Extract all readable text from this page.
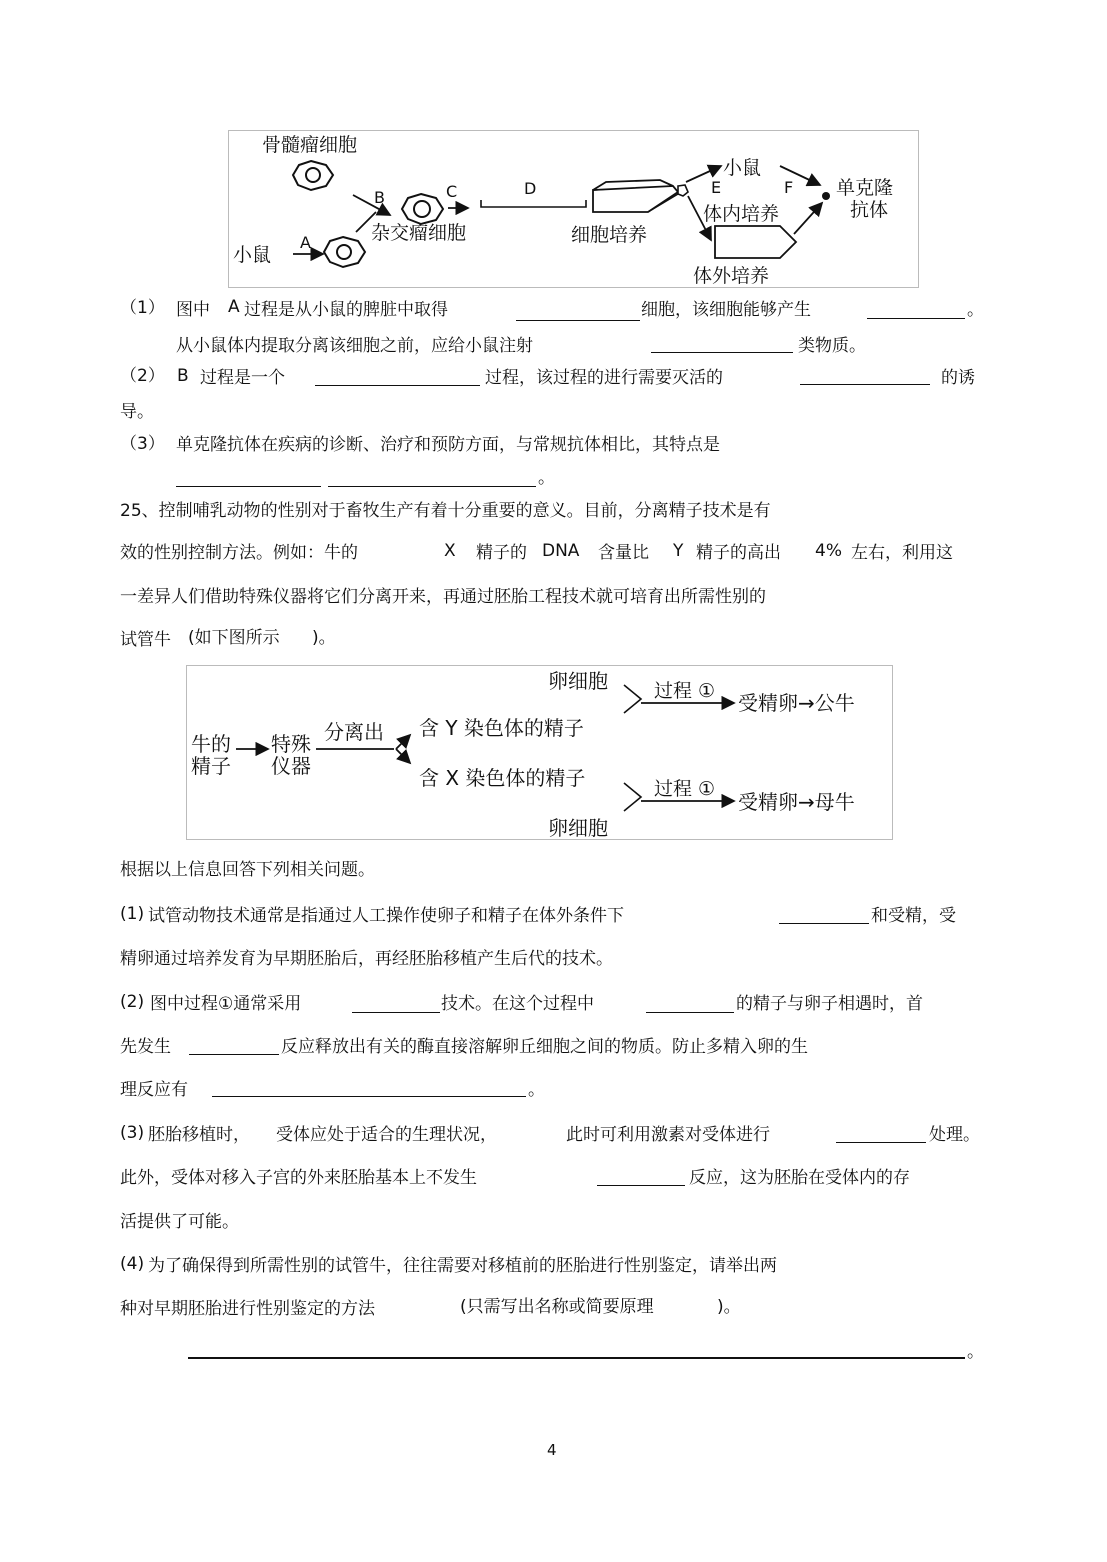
骨髓瘤细胞
B	C
杂交瘤细胞
小鼠
A
D
细胞培养
小鼠
E
体内培养
F
体外培养
单克隆
抗体
（1） 图中 A 过程是从小鼠的脾脏中取得	细胞，该细胞能够产生	。
从小鼠体内提取分离该细胞之前，应给小鼠注射	类物质。
（2） B 过程是一个	过程，该过程的进行需要灭活的	的诱
导。
（3） 单克隆抗体在疾病的诊断、治疗和预防方面，与常规抗体相比，其特点是
。
25、控制哺乳动物的性别对于畜牧生产有着十分重要的意义。目前，分离精子技术是有
效的性别控制方法。例如：牛的	X 精子的 DNA 含量比 Y 精子的高出 4% 左右，利用这
一差异人们借助特殊仪器将它们分离开来，再通过胚胎工程技术就可培育出所需性别的
试管牛 (如下图所示 )。
牛的
精子
特殊
仪器
分离出 含 Y 染色体的精子
含 X 染色体的精子
卵细胞 过程 ① 受精卵→公牛
过程 ①
受精卵→母牛
卵细胞
根据以上信息回答下列相关问题。
(1) 试管动物技术通常是指通过人工操作使卵子和精子在体外条件下	和受精，受
精卵通过培养发育为早期胚胎后，再经胚胎移植产生后代的技术。
(2) 图中过程①通常采用	技术。在这个过程中	的精子与卵子相遇时，首
先发生	反应释放出有关的酶直接溶解卵丘细胞之间的物质。防止多精入卵的生
理反应有	。
(3) 胚胎移植时， 受体应处于适合的生理状况，	此时可利用激素对受体进行	处理。
此外，受体对移入子宫的外来胚胎基本上不发生	反应，这为胚胎在受体内的存
活提供了可能。
(4) 为了确保得到所需性别的试管牛，往往需要对移植前的胚胎进行性别鉴定，请举出两
种对早期胚胎进行性别鉴定的方法	(只需写出名称或简要原理	)。
。
4
